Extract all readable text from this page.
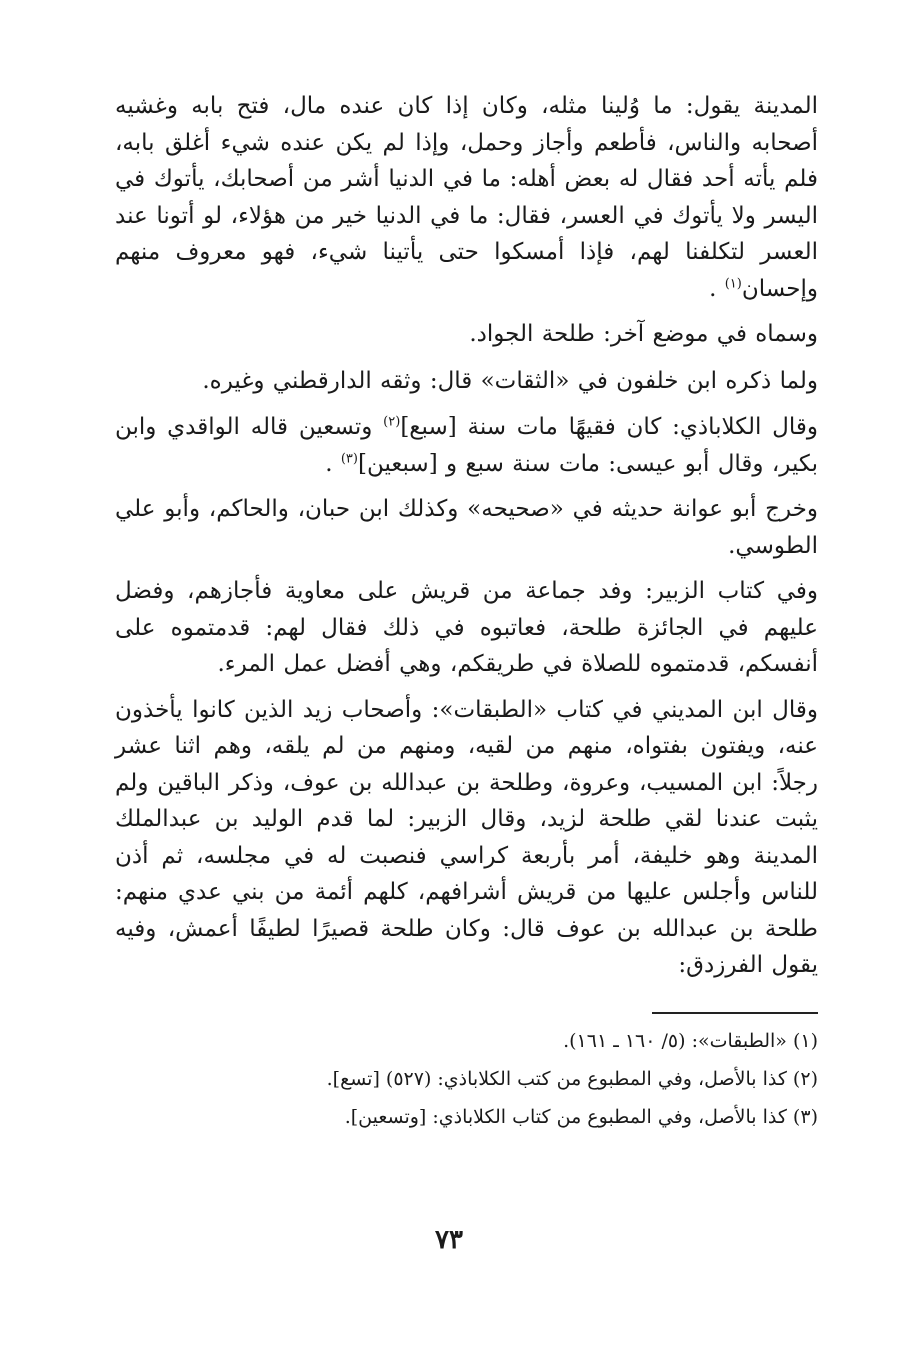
المدينة يقول: ما وُلينا مثله، وكان إذا كان عنده مال، فتح بابه وغشيه أصحابه والناس، فأطعم وأجاز وحمل، وإذا لم يكن عنده شيء أغلق بابه، فلم يأته أحد فقال له بعض أهله: ما في الدنيا أشر من أصحابك، يأتوك في اليسر ولا يأتوك في العسر، فقال: ما في الدنيا خير من هؤلاء، لو أتونا عند العسر لتكلفنا لهم، فإذا أمسكوا حتى يأتينا شيء، فهو معروف منهم وإحسان$^{(١)}$ .

وسماه في موضع آخر: طلحة الجواد.

ولما ذكره ابن خلفون في «الثقات» قال: وثقه الدارقطني وغيره.

وقال الكلاباذي: كان فقيهًا مات سنة [سبع]$^{(٢)}$ وتسعين قاله الواقدي وابن بكير، وقال أبو عيسى: مات سنة سبع و [سبعين]$^{(٣)}$ .

وخرج أبو عوانة حديثه في «صحيحه» وكذلك ابن حبان، والحاكم، وأبو علي الطوسي.

وفي كتاب الزبير: وفد جماعة من قريش على معاوية فأجازهم، وفضل عليهم في الجائزة طلحة، فعاتبوه في ذلك فقال لهم: قدمتموه على أنفسكم، قدمتموه للصلاة في طريقكم، وهي أفضل عمل المرء.

وقال ابن المديني في كتاب «الطبقات»: وأصحاب زيد الذين كانوا يأخذون عنه، ويفتون بفتواه، منهم من لقيه، ومنهم من لم يلقه، وهم اثنا عشر رجلاً: ابن المسيب، وعروة، وطلحة بن عبدالله بن عوف، وذكر الباقين ولم يثبت عندنا لقي طلحة لزيد، وقال الزبير: لما قدم الوليد بن عبدالملك المدينة وهو خليفة، أمر بأربعة كراسي فنصبت له في مجلسه، ثم أذن للناس وأجلس عليها من قريش أشرافهم، كلهم أئمة من بني عدي منهم: طلحة بن عبدالله بن عوف قال: وكان طلحة قصيرًا لطيفًا أعمش، وفيه يقول الفرزدق:

(١) «الطبقات»: (٥/ ١٦٠ ـ ١٦١).

(٢) كذا بالأصل، وفي المطبوع من كتب الكلاباذي: (٥٢٧) [تسع].

(٣) كذا بالأصل، وفي المطبوع من كتاب الكلاباذي: [وتسعين].

٧٣
